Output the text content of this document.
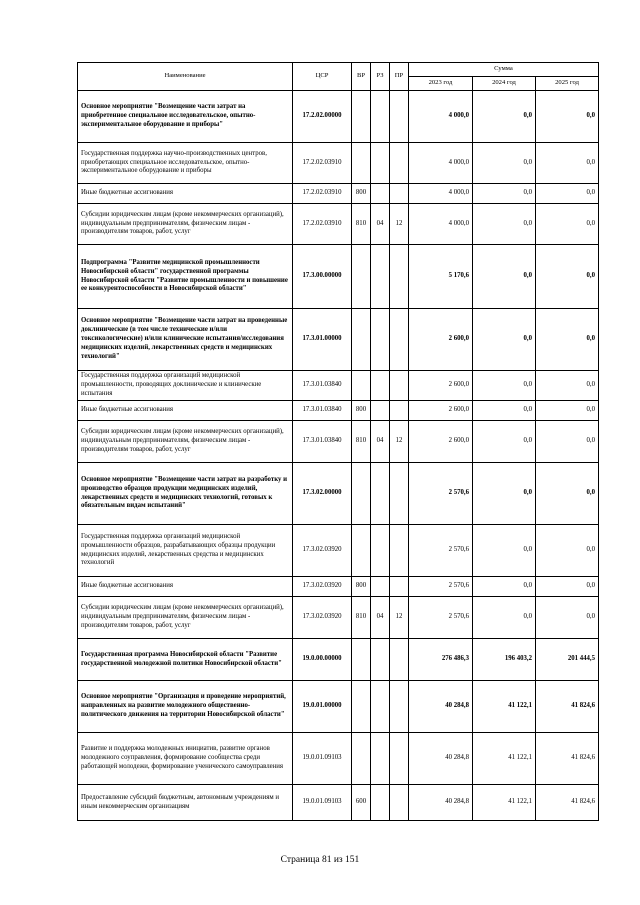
Наименование	ЦСР	ВР	РЗ	ПР	Сумма		
					2023 год	2024 год	2025 год
Основное мероприятие "Возмещение части затрат на приобретенное специальное исследовательское, опытно-экспериментальное оборудование и приборы"	17.2.02.00000				4 000,0	0,0	0,0
Государственная поддержка научно-производственных центров, приобретающих специальное исследовательское, опытно-экспериментальное оборудование и приборы	17.2.02.03910				4 000,0	0,0	0,0
Иные бюджетные ассигнования	17.2.02.03910	800			4 000,0	0,0	0,0
Субсидии юридическим лицам (кроме некоммерческих организаций), индивидуальным предпринимателям, физическим лицам - производителям товаров, работ, услуг	17.2.02.03910	810	04	12	4 000,0	0,0	0,0
Подпрограмма "Развитие медицинской промышленности Новосибирской области" государственной программы Новосибирской области "Развитие промышленности и повышение ее конкурентоспособности в Новосибирской области"	17.3.00.00000				5 170,6	0,0	0,0
Основное мероприятие "Возмещение части затрат на проведенные доклинические (в том числе технические и/или токсикологические) и/или клинические испытания/исследования медицинских изделий, лекарственных средств и медицинских технологий"	17.3.01.00000				2 600,0	0,0	0,0
Государственная поддержка организаций медицинской промышленности, проводящих доклинические и клинические испытания	17.3.01.03840				2 600,0	0,0	0,0
Иные бюджетные ассигнования	17.3.01.03840	800			2 600,0	0,0	0,0
Субсидии юридическим лицам (кроме некоммерческих организаций), индивидуальным предпринимателям, физическим лицам - производителям товаров, работ, услуг	17.3.01.03840	810	04	12	2 600,0	0,0	0,0
Основное мероприятие "Возмещение части затрат на разработку и производство образцов продукции медицинских изделий, лекарственных средств и медицинских технологий, готовых к обязательным видам испытаний"	17.3.02.00000				2 570,6	0,0	0,0
Государственная поддержка организаций медицинской промышленности образцов, разрабатывающих образцы продукции медицинских изделий, лекарственных средства и медицинских технологий	17.3.02.03920				2 570,6	0,0	0,0
Иные бюджетные ассигнования	17.3.02.03920	800			2 570,6	0,0	0,0
Субсидии юридическим лицам (кроме некоммерческих организаций), индивидуальным предпринимателям, физическим лицам - производителям товаров, работ, услуг	17.3.02.03920	810	04	12	2 570,6	0,0	0,0
Государственная программа Новосибирской области "Развитие государственной молодежной политики Новосибирской области"	19.0.00.00000				276 486,3	196 403,2	201 444,5
Основное мероприятие "Организация и проведение мероприятий, направленных на развитие молодежного общественно-политического движения на территории Новосибирской области"	19.0.01.00000				40 284,8	41 122,1	41 824,6
Развитие и поддержка молодежных инициатив, развитие органов молодежного соуправления, формирование сообщества среди работающей молодежи, формирование ученического самоуправления	19.0.01.09103				40 284,8	41 122,1	41 824,6
Предоставление субсидий бюджетным, автономным учреждениям и иным некоммерческим организациям	19.0.01.09103	600			40 284,8	41 122,1	41 824,6
Страница 81 из 151
